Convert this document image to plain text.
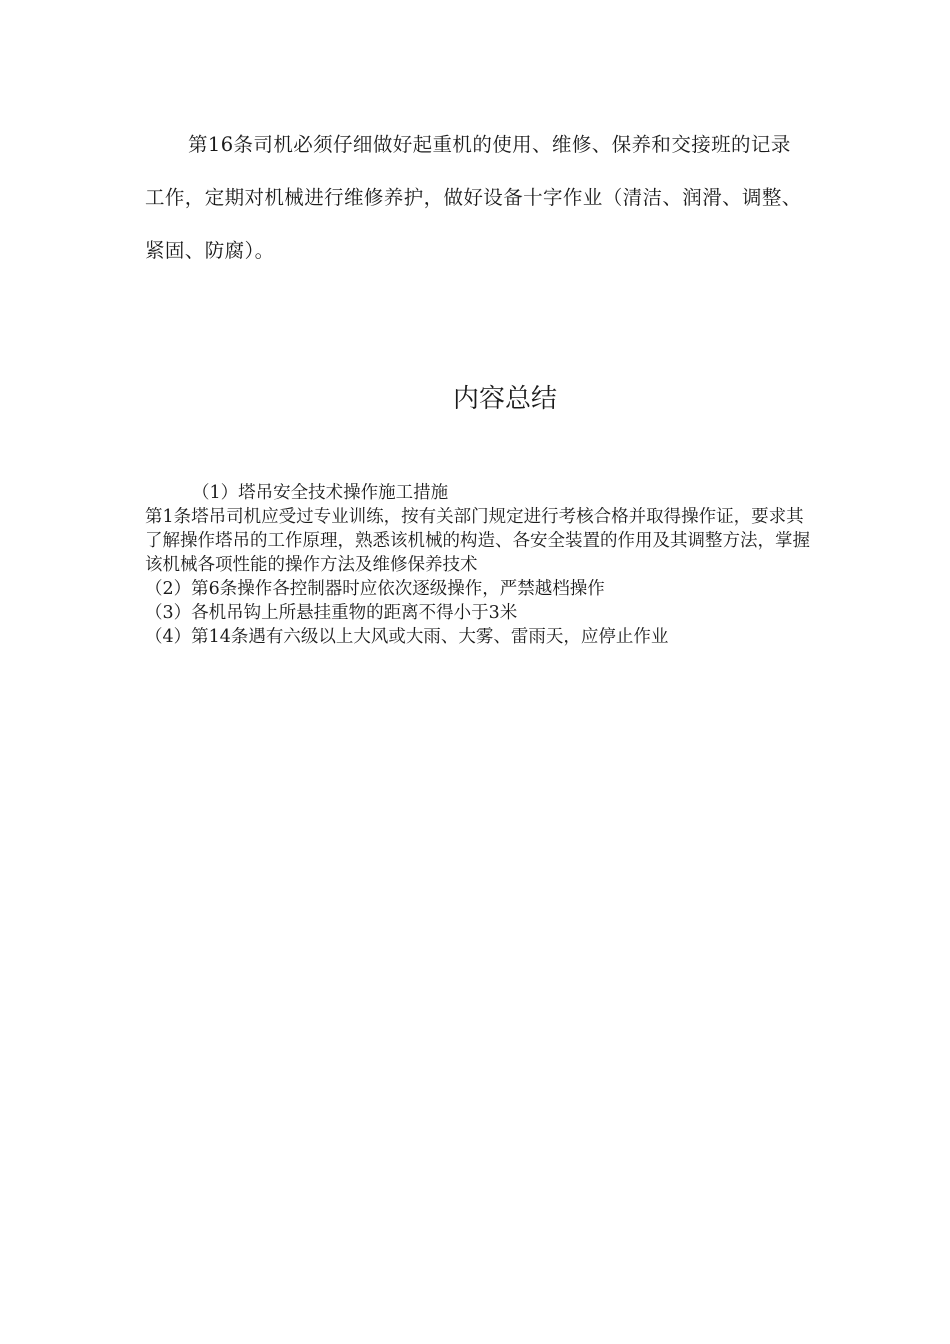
第16条司机必须仔细做好起重机的使用、维修、保养和交接班的记录工作，定期对机械进行维修养护，做好设备十字作业（清洁、润滑、调整、紧固、防腐）。

内容总结

（1）塔吊安全技术操作施工措施

第1条塔吊司机应受过专业训练，按有关部门规定进行考核合格并取得操作证，要求其了解操作塔吊的工作原理，熟悉该机械的构造、各安全装置的作用及其调整方法，掌握该机械各项性能的操作方法及维修保养技术

（2）第6条操作各控制器时应依次逐级操作，严禁越档操作

（3）各机吊钩上所悬挂重物的距离不得小于3米

（4）第14条遇有六级以上大风或大雨、大雾、雷雨天，应停止作业
